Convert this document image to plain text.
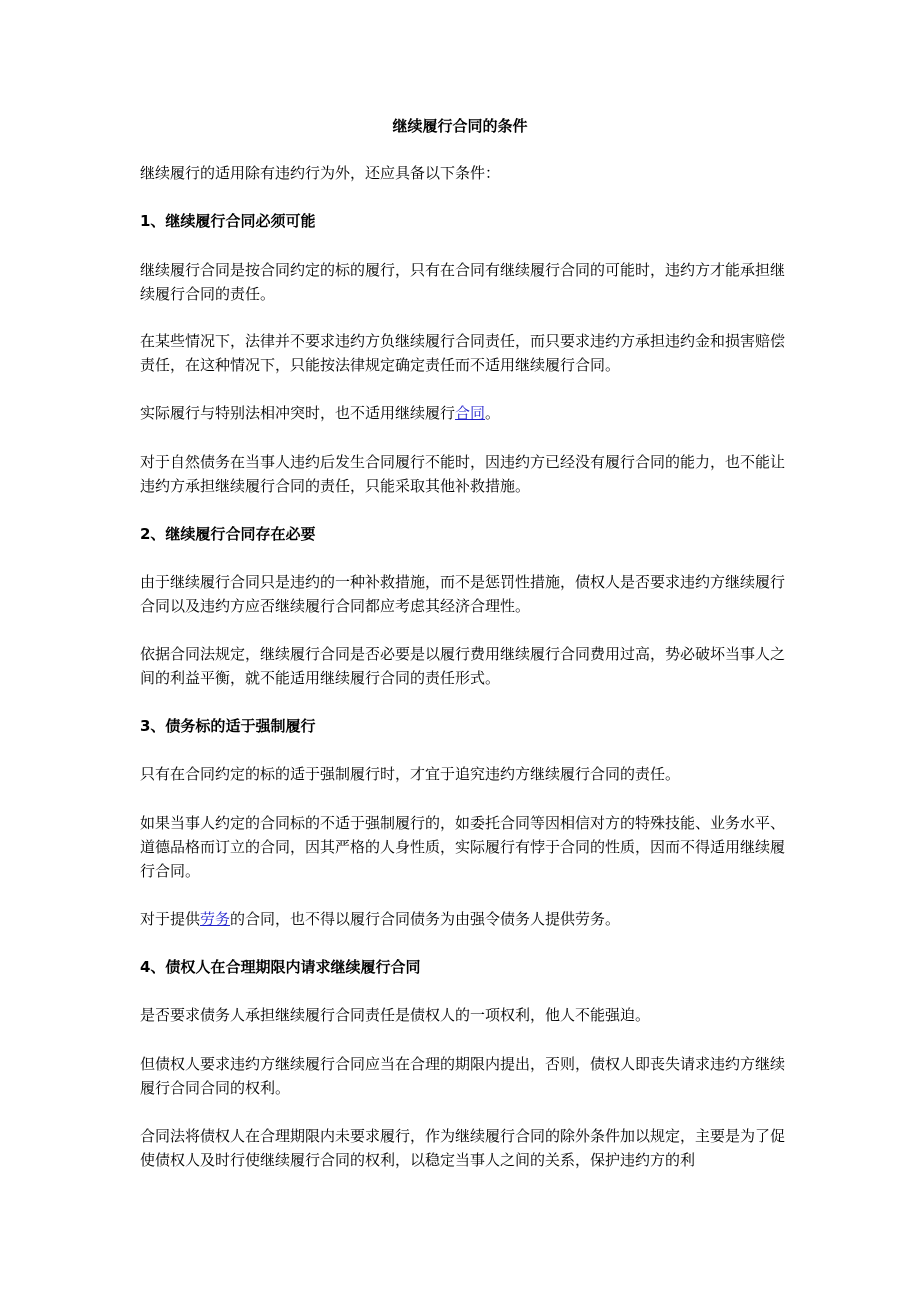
继续履行合同的条件

继续履行的适用除有违约行为外，还应具备以下条件：

1、继续履行合同必须可能

继续履行合同是按合同约定的标的履行，只有在合同有继续履行合同的可能时，违约方才能承担继续履行合同的责任。

在某些情况下，法律并不要求违约方负继续履行合同责任，而只要求违约方承担违约金和损害赔偿责任，在这种情况下，只能按法律规定确定责任而不适用继续履行合同。

实际履行与特别法相冲突时，也不适用继续履行合同。

对于自然债务在当事人违约后发生合同履行不能时，因违约方已经没有履行合同的能力，也不能让违约方承担继续履行合同的责任，只能采取其他补救措施。

2、继续履行合同存在必要

由于继续履行合同只是违约的一种补救措施，而不是惩罚性措施，债权人是否要求违约方继续履行合同以及违约方应否继续履行合同都应考虑其经济合理性。

依据合同法规定，继续履行合同是否必要是以履行费用继续履行合同费用过高，势必破坏当事人之间的利益平衡，就不能适用继续履行合同的责任形式。

3、债务标的适于强制履行

只有在合同约定的标的适于强制履行时，才宜于追究违约方继续履行合同的责任。

如果当事人约定的合同标的不适于强制履行的，如委托合同等因相信对方的特殊技能、业务水平、道德品格而订立的合同，因其严格的人身性质，实际履行有悖于合同的性质，因而不得适用继续履行合同。

对于提供劳务的合同，也不得以履行合同债务为由强令债务人提供劳务。

4、债权人在合理期限内请求继续履行合同

是否要求债务人承担继续履行合同责任是债权人的一项权利，他人不能强迫。

但债权人要求违约方继续履行合同应当在合理的期限内提出，否则，债权人即丧失请求违约方继续履行合同合同的权利。

合同法将债权人在合理期限内未要求履行，作为继续履行合同的除外条件加以规定，主要是为了促使债权人及时行使继续履行合同的权利，以稳定当事人之间的关系，保护违约方的利
